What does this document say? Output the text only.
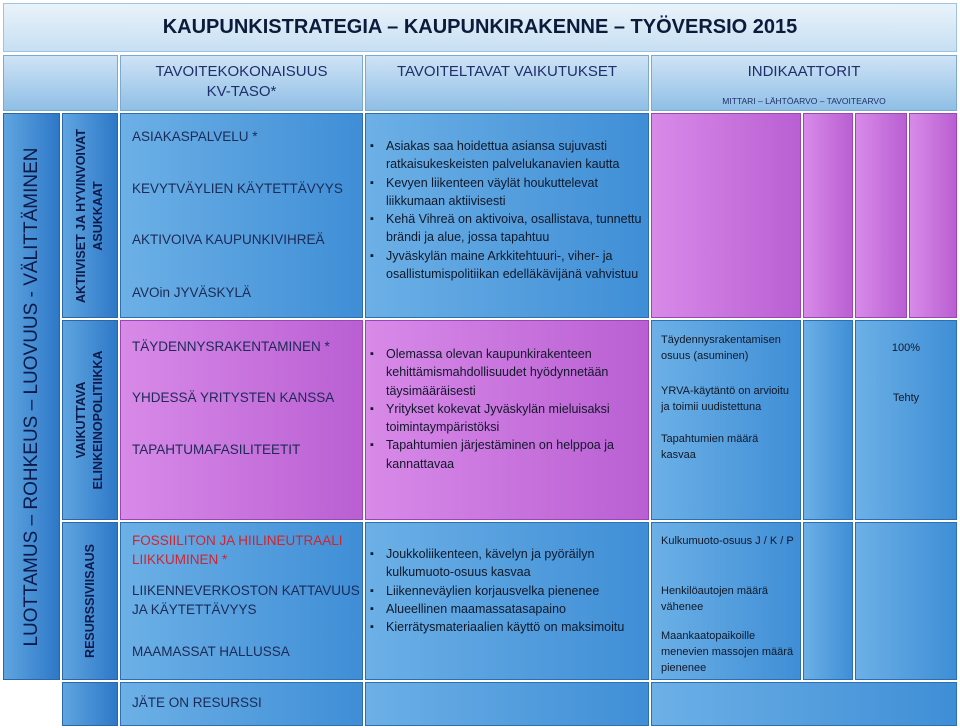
KAUPUNKISTRATEGIA – KAUPUNKIRAKENNE – TYÖVERSIO 2015
TAVOITEKOKONAISUUS
KV-TASO*
TAVOITELTAVAT VAIKUTUKSET	INDIKAATTORIT
MITTARI – LÄHTÖARVO – TAVOITEARVO
LUOTTAMUS – ROHKEUS – LUOVUUS - VÄLITTÄMINEN	AKTIIVISET JA HYVINVOIVAT ASUKKAAT
VAIKUTTAVA ELINKEINOPOLITIIKKA
RESURSSIVIISAUS
ASIAKASPALVELU *
KEVYTVÄYLIEN KÄYTETTÄVYYS
AKTIVOIVA KAUPUNKIVIHREÄ
AVOin JYVÄSKYLÄ
▪ Asiakas saa hoidettua asiansa sujuvasti ratkaisukeskeisten palvelukanavien kautta
▪ Kevyen liikenteen väylät houkuttelevat liikkumaan aktiivisesti
▪ Kehä Vihreä on aktivoiva, osallistava, tunnettu brändi ja alue, jossa tapahtuu
▪ Jyväskylän maine Arkkitehtuuri-, viher- ja osallistumispolitiikan edelläkävijänä vahvistuu
TÄYDENNYSRAKENTAMINEN *
YHDESSÄ YRITYSTEN KANSSA
TAPAHTUMAFASILITEETIT
▪ Olemassa olevan kaupunkirakenteen kehittämismahdollisuudet hyödynnetään täysimääräisesti
▪ Yritykset kokevat Jyväskylän mieluisaksi toimintaympäristöksi
▪ Tapahtumien järjestäminen on helppoa ja kannattavaa
Täydennysrakentamisen osuus (asuminen)
YRVA-käytäntö on arvioitu ja toimii uudistettuna
Tapahtumien määrä kasvaa
100%
Tehty
FOSSIILITON JA HIILINEUTRAALI LIIKKUMINEN *
LIIKENNEVERKOSTON KATTAVUUS JA KÄYTETTÄVYYS
MAAMASSAT HALLUSSA
▪ Joukkoliikenteen, kävelyn ja pyöräilyn kulkumuoto-osuus kasvaa
▪ Liikenneväylien korjausvelka pienenee
▪ Alueellinen maamassatasapaino
▪ Kierrätysmateriaalien käyttö on maksimoitu
Kulkumuoto-osuus J / K / P
Henkilöautojen määrä vähenee
Maankaatopaikoille menevien massojen määrä pienenee
JÄTE ON RESURSSI
